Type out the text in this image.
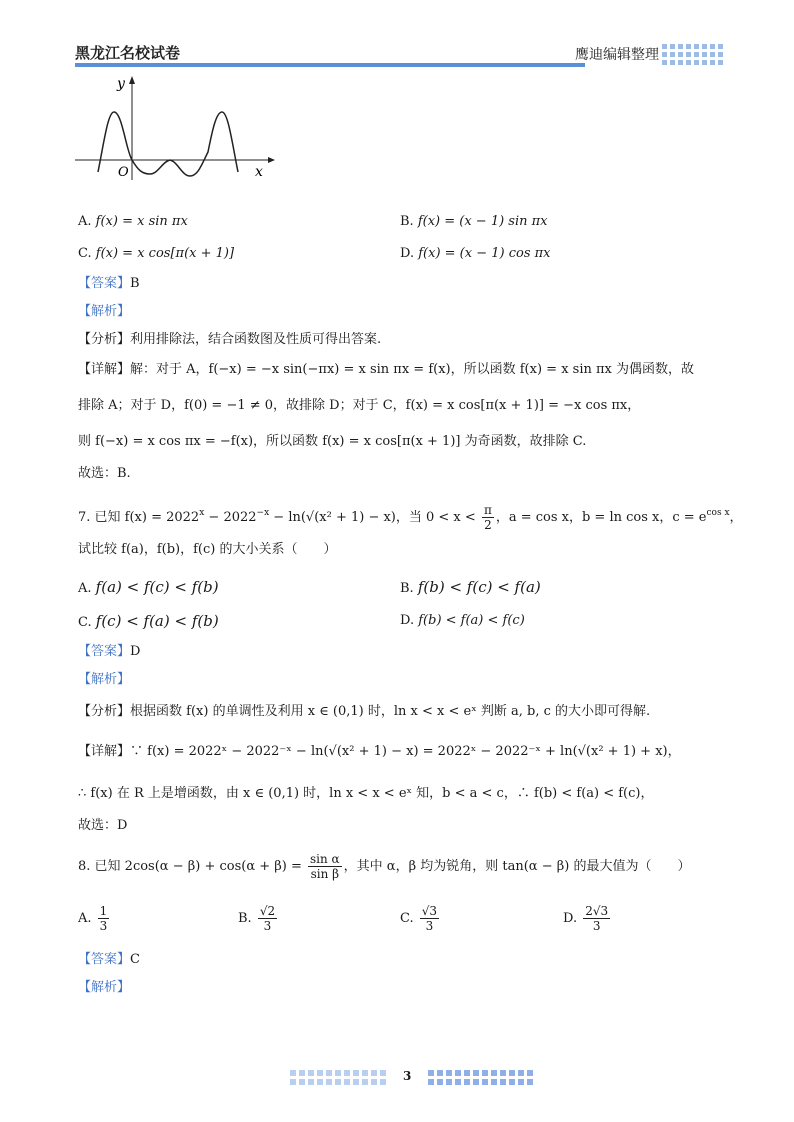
黑龙江名校试卷	鹰迪编辑整理
y
x
O
A. f(x) = x sin πx	B. f(x) = (x − 1) sin πx
C. f(x) = x cos[π(x + 1)]	D. f(x) = (x − 1) cos πx
【答案】B
【解析】
【分析】利用排除法，结合函数图及性质可得出答案.
【详解】解：对于 A，f(−x) = −x sin(−πx) = x sin πx = f(x)，所以函数 f(x) = x sin πx 为偶函数，故
排除 A；对于 D，f(0) = −1 ≠ 0，故排除 D；对于 C，f(x) = x cos[π(x + 1)] = −x cos πx，
则 f(−x) = x cos πx = −f(x)，所以函数 f(x) = x cos[π(x + 1)] 为奇函数，故排除 C.
故选：B.
7. 已知 $f(x) = 2022^x - 2022^{-x} - \ln(√(x^2 + 1) - x)$，当 $0 < x < \frac{\pi}{2}$ ，a = cos x，b = ln cos x，$c = e^{cos x}$，
试比较 f(a)，f(b)，f(c) 的大小关系（　　）
A. f(a) < f(c) < f(b)	B. f(b) < f(c) < f(a)
C. f(c) < f(a) < f(b)	D. f(b) < f(a) < f(c)
【答案】D
【解析】
【分析】根据函数 f(x) 的单调性及利用 x ∈ (0,1) 时，ln x < x < eˣ 判断 a, b, c 的大小即可得解.
【详解】∵ f(x) = 2022ˣ − 2022⁻ˣ − ln(√(x² + 1) − x) = 2022ˣ − 2022⁻ˣ + ln(√(x² + 1) + x)，
∴ f(x) 在 R 上是增函数，由 x ∈ (0,1) 时，ln x < x < eˣ 知，b < a < c，∴ f(b) < f(a) < f(c)，
故选：D
8. 已知 $2\cos(\alpha - \beta) + \cos(\alpha + \beta) = \frac{\text{sin α}}{\text{sin β}}$ ，其中 α，β 均为锐角，则 tan(α − β) 的最大值为（　　）
A. $\frac{1}{3}$	B. $\frac{√2}{3}$	C. $\frac{√3}{3}$	D. $\frac{2√3}{3}$
【答案】C
【解析】
3
